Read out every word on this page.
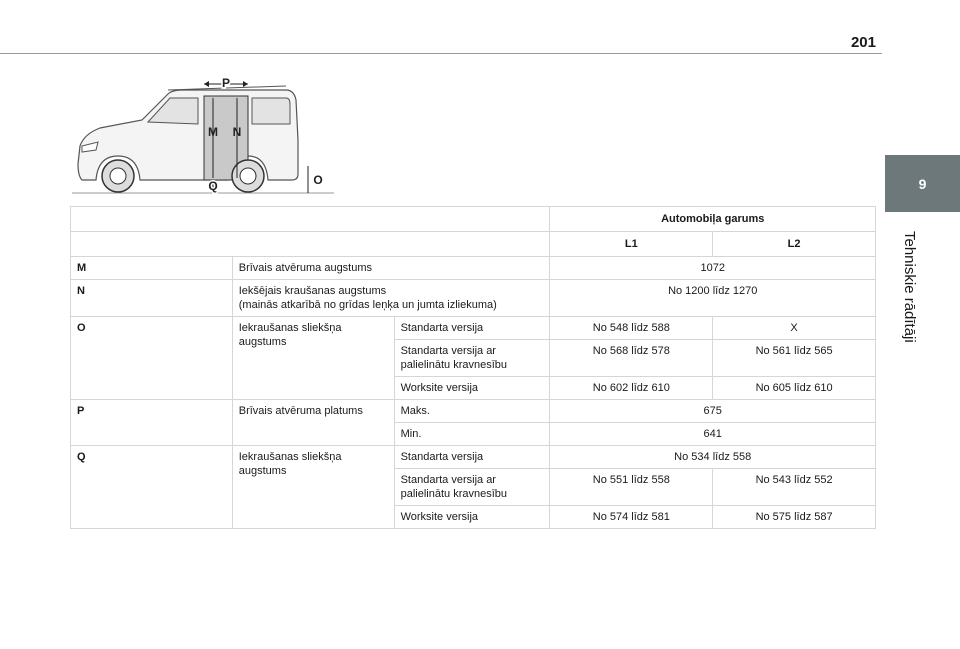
201
9
Tehniskie rādītāji
P
M N
Q	O
			Automobiļa garums	
			L1	L2
M	Brīvais atvēruma augstums		1072	
N	Iekšējais kraušanas augstums
(mainās atkarībā no grīdas leņķa un jumta izliekuma)		No 1200 līdz 1270	
O	Iekraušanas sliekšņa augstums	Standarta versija	No 548 līdz 588	X
		Standarta versija ar palielinātu kravnesību	No 568 līdz 578	No 561 līdz 565
		Worksite versija	No 602 līdz 610	No 605 līdz 610
P	Brīvais atvēruma platums	Maks.	675	
		Min.	641	
Q	Iekraušanas sliekšņa augstums	Standarta versija	No 534 līdz 558	
		Standarta versija ar palielinātu kravnesību	No 551 līdz 558	No 543 līdz 552
		Worksite versija	No 574 līdz 581	No 575 līdz 587
